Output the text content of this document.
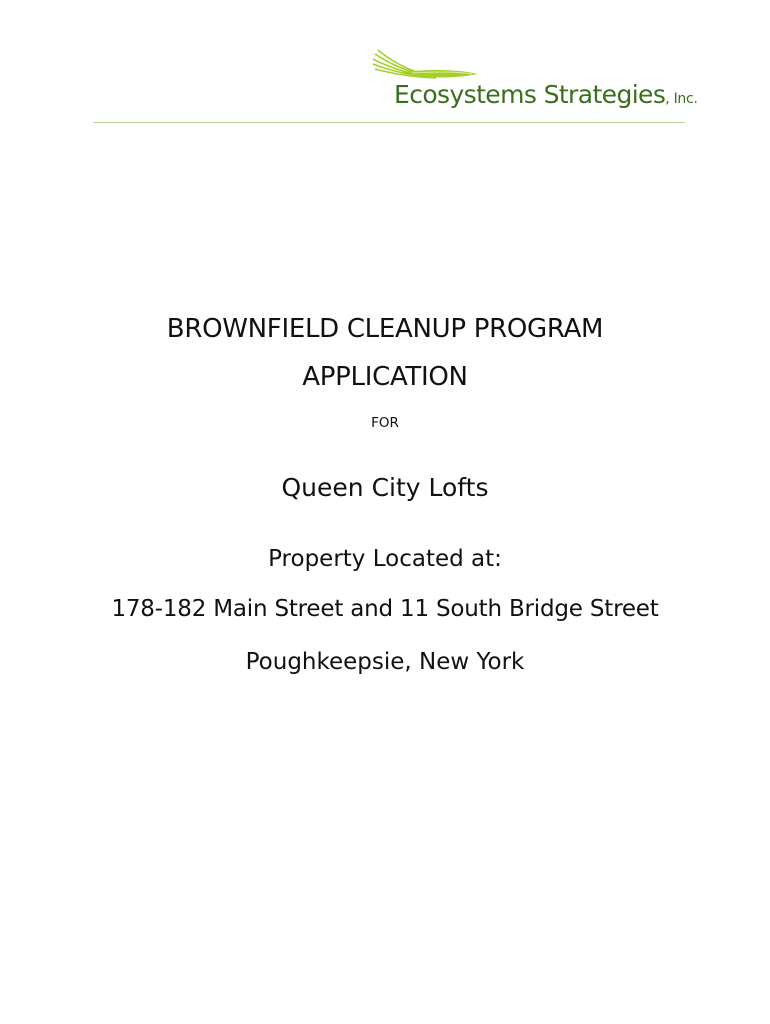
Ecosystems Strategies, Inc.
BROWNFIELD CLEANUP PROGRAM
APPLICATION
FOR
Queen City Lofts
Property Located at:
178-182 Main Street and 11 South Bridge Street
Poughkeepsie, New York
